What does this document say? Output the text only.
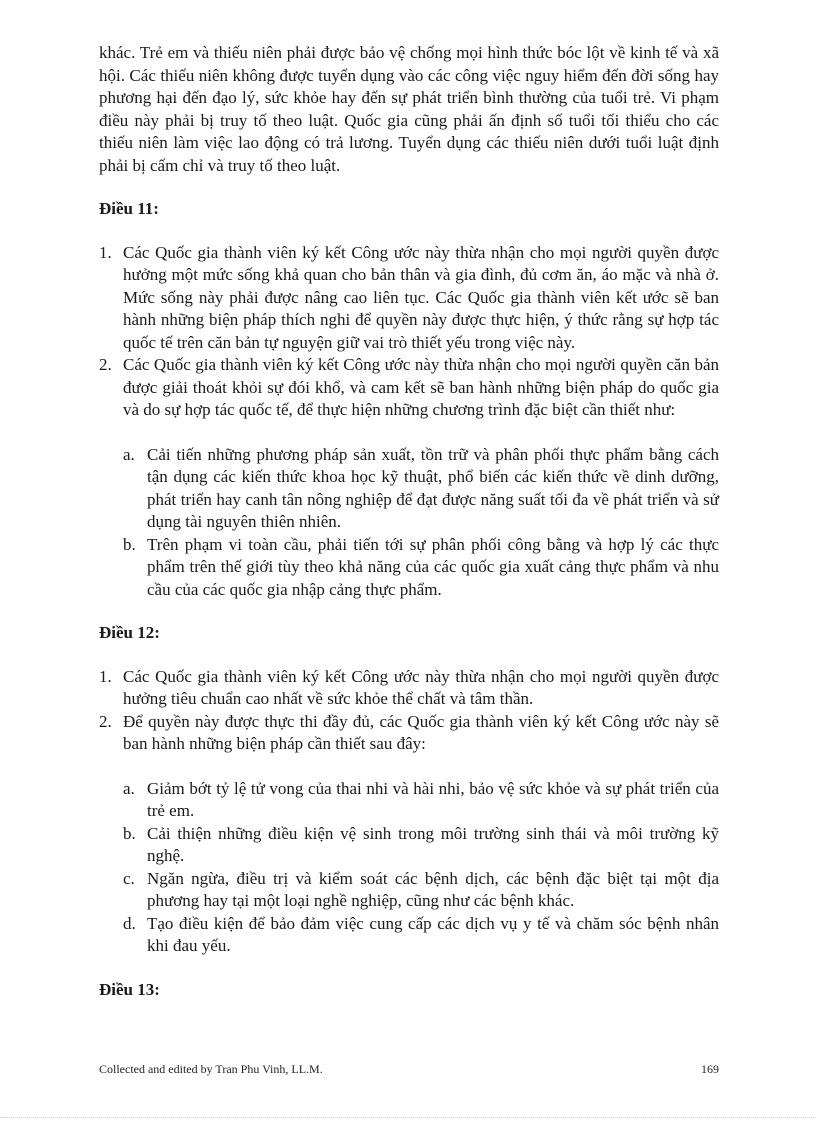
khác. Trẻ em và thiếu niên phải được bảo vệ chống mọi hình thức bóc lột về kinh tế và xã hội. Các thiếu niên không được tuyển dụng vào các công việc nguy hiểm đến đời sống hay phương hại đến đạo lý, sức khỏe hay đến sự phát triển bình thường của tuổi trẻ. Vi phạm điều này phải bị truy tố theo luật. Quốc gia cũng phải ấn định số tuổi tối thiểu cho các thiếu niên làm việc lao động có trả lương. Tuyển dụng các thiếu niên dưới tuổi luật định phải bị cấm chỉ và truy tố theo luật.

Điều 11:

1. Các Quốc gia thành viên ký kết Công ước này thừa nhận cho mọi người quyền được hưởng một mức sống khả quan cho bản thân và gia đình, đủ cơm ăn, áo mặc và nhà ở. Mức sống này phải được nâng cao liên tục. Các Quốc gia thành viên kết ước sẽ ban hành những biện pháp thích nghi để quyền này được thực hiện, ý thức rằng sự hợp tác quốc tế trên căn bản tự nguyện giữ vai trò thiết yếu trong việc này.
2. Các Quốc gia thành viên ký kết Công ước này thừa nhận cho mọi người quyền căn bản được giải thoát khỏi sự đói khổ, và cam kết sẽ ban hành những biện pháp do quốc gia và do sự hợp tác quốc tế, để thực hiện những chương trình đặc biệt cần thiết như:
a. Cải tiến những phương pháp sản xuất, tồn trữ và phân phối thực phẩm bằng cách tận dụng các kiến thức khoa học kỹ thuật, phổ biến các kiến thức về dinh dưỡng, phát triển hay canh tân nông nghiệp để đạt được năng suất tối đa về phát triển và sử dụng tài nguyên thiên nhiên.
b. Trên phạm vi toàn cầu, phải tiến tới sự phân phối công bằng và hợp lý các thực phẩm trên thế giới tùy theo khả năng của các quốc gia xuất cảng thực phẩm và nhu cầu của các quốc gia nhập cảng thực phẩm.

Điều 12:

1. Các Quốc gia thành viên ký kết Công ước này thừa nhận cho mọi người quyền được hưởng tiêu chuẩn cao nhất về sức khỏe thể chất và tâm thần.
2. Để quyền này được thực thi đầy đủ, các Quốc gia thành viên ký kết Công ước này sẽ ban hành những biện pháp cần thiết sau đây:
a. Giảm bớt tỷ lệ tử vong của thai nhi và hài nhi, bảo vệ sức khỏe và sự phát triển của trẻ em.
b. Cải thiện những điều kiện vệ sinh trong môi trường sinh thái và môi trường kỹ nghệ.
c. Ngăn ngừa, điều trị và kiểm soát các bệnh dịch, các bệnh đặc biệt tại một địa phương hay tại một loại nghề nghiệp, cũng như các bệnh khác.
d. Tạo điều kiện để bảo đảm việc cung cấp các dịch vụ y tế và chăm sóc bệnh nhân khi đau yếu.

Điều 13:

Collected and edited by Tran Phu Vinh, LL.M.	169
